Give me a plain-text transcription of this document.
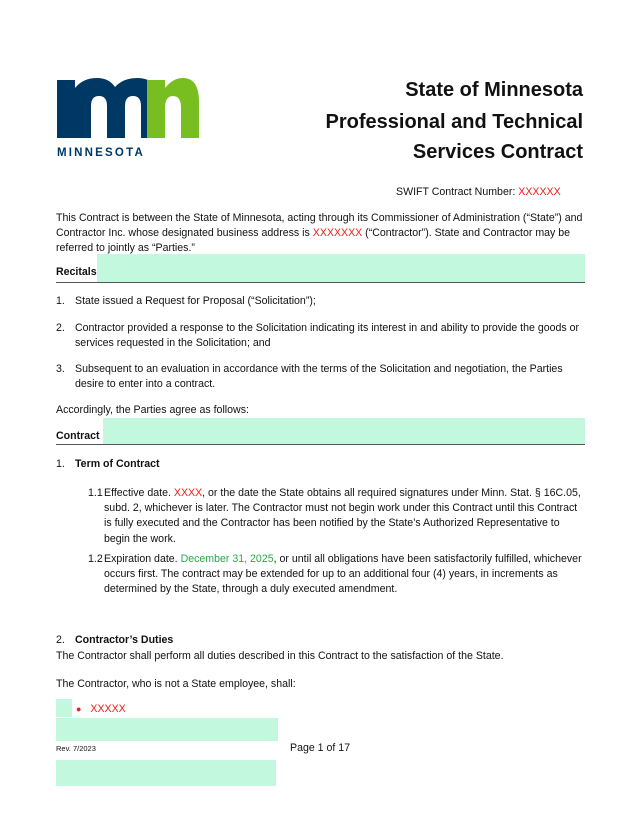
MINNESOTA
State of Minnesota
Professional and Technical
Services Contract
SWIFT Contract Number: XXXXXX
This Contract is between the State of Minnesota, acting through its Commissioner of Administration (“State”) and Contractor Inc. whose designated business address is XXXXXXX (“Contractor”). State and Contractor may be referred to jointly as “Parties.”
Recitals
1. State issued a Request for Proposal (“Solicitation”);
2. Contractor provided a response to the Solicitation indicating its interest in and ability to provide the goods or services requested in the Solicitation; and
3. Subsequent to an evaluation in accordance with the terms of the Solicitation and negotiation, the Parties desire to enter into a contract.
Accordingly, the Parties agree as follows:
Contract
1. Term of Contract
1.1 Effective date. XXXX, or the date the State obtains all required signatures under Minn. Stat. § 16C.05, subd. 2, whichever is later. The Contractor must not begin work under this Contract until this Contract is fully executed and the Contractor has been notified by the State’s Authorized Representative to begin the work.
1.2 Expiration date. December 31, 2025, or until all obligations have been satisfactorily fulfilled, whichever occurs first. The contract may be extended for up to an additional four (4) years, in increments as determined by the State, through a duly executed amendment.
2. Contractor’s Duties
The Contractor shall perform all duties described in this Contract to the satisfaction of the State.
The Contractor, who is not a State employee, shall:
● XXXXX
Rev. 7/2023	Page 1 of 17
